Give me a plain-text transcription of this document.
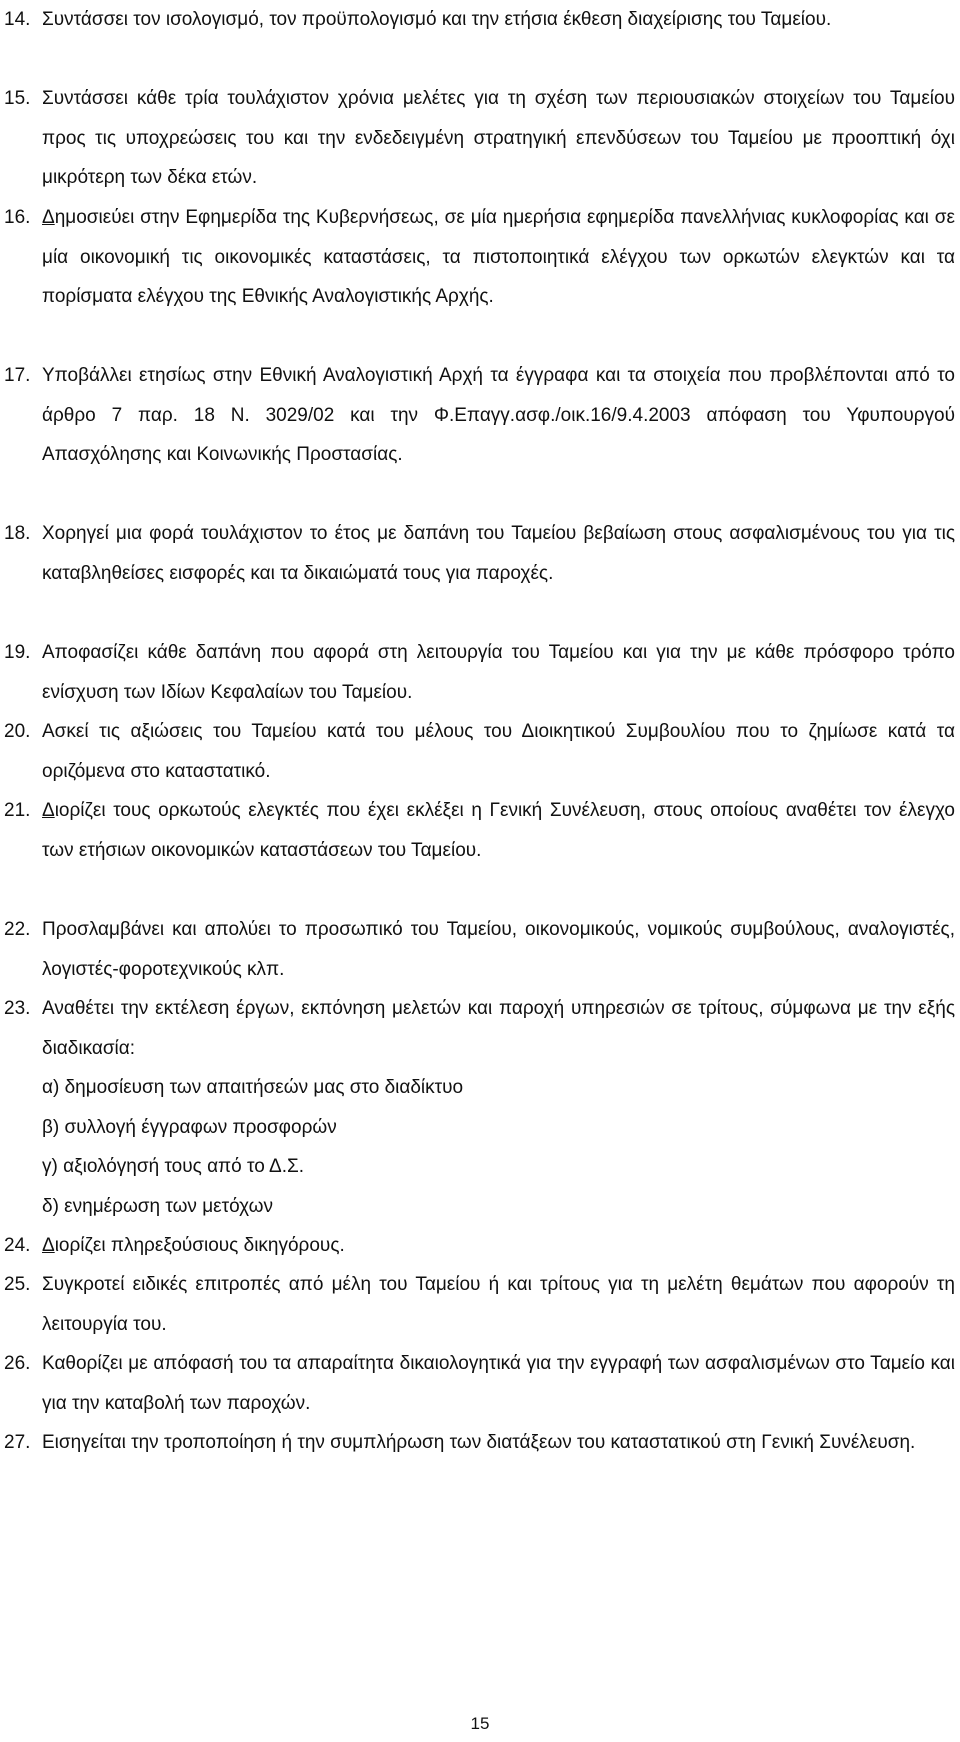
14. Συντάσσει τον ισολογισμό, τον προϋπολογισμό και την ετήσια έκθεση διαχείρισης του Ταμείου.
15. Συντάσσει κάθε τρία τουλάχιστον χρόνια μελέτες για τη σχέση των περιουσιακών στοιχείων του Ταμείου προς τις υποχρεώσεις του και την ενδεδειγμένη στρατηγική επενδύσεων του Ταμείου με προοπτική όχι μικρότερη των δέκα ετών.
16. Δημοσιεύει στην Εφημερίδα της Κυβερνήσεως, σε μία ημερήσια εφημερίδα πανελλήνιας κυκλοφορίας και σε μία οικονομική τις οικονομικές καταστάσεις, τα πιστοποιητικά ελέγχου των ορκωτών ελεγκτών και τα πορίσματα ελέγχου της Εθνικής Αναλογιστικής Αρχής.
17. Υποβάλλει ετησίως στην Εθνική Αναλογιστική Αρχή τα έγγραφα και τα στοιχεία που προβλέπονται από το άρθρο 7 παρ. 18 Ν. 3029/02 και την Φ.Επαγγ.ασφ./οικ.16/9.4.2003 απόφαση του Υφυπουργού Απασχόλησης και Κοινωνικής Προστασίας.
18. Χορηγεί μια φορά τουλάχιστον το έτος με δαπάνη του Ταμείου βεβαίωση στους ασφαλισμένους του για τις καταβληθείσες εισφορές και τα δικαιώματά τους για παροχές.
19. Αποφασίζει κάθε δαπάνη που αφορά στη λειτουργία του Ταμείου και για την με κάθε πρόσφορο τρόπο ενίσχυση των Ιδίων Κεφαλαίων του Ταμείου.
20. Ασκεί τις αξιώσεις του Ταμείου κατά του μέλους του Διοικητικού Συμβουλίου που το ζημίωσε κατά τα οριζόμενα στο καταστατικό.
21. Διορίζει τους ορκωτούς ελεγκτές που έχει εκλέξει η Γενική Συνέλευση, στους οποίους αναθέτει τον έλεγχο των ετήσιων οικονομικών καταστάσεων του Ταμείου.
22. Προσλαμβάνει και απολύει το προσωπικό του Ταμείου, οικονομικούς, νομικούς συμβούλους, αναλογιστές, λογιστές-φοροτεχνικούς κλπ.
23. Αναθέτει την εκτέλεση έργων, εκπόνηση μελετών και παροχή υπηρεσιών σε τρίτους, σύμφωνα με την εξής διαδικασία:
α) δημοσίευση των απαιτήσεών μας στο διαδίκτυο
β) συλλογή έγγραφων προσφορών
γ) αξιολόγησή τους από το Δ.Σ.
δ) ενημέρωση των μετόχων
24. Διορίζει πληρεξούσιους δικηγόρους.
25. Συγκροτεί ειδικές επιτροπές από μέλη του Ταμείου ή και τρίτους για τη μελέτη θεμάτων που αφορούν τη λειτουργία του.
26. Καθορίζει με απόφασή του τα απαραίτητα δικαιολογητικά για την εγγραφή των ασφαλισμένων στο Ταμείο και για την καταβολή των παροχών.
27. Εισηγείται την τροποποίηση ή την συμπλήρωση των διατάξεων του καταστατικού στη Γενική Συνέλευση.
15
